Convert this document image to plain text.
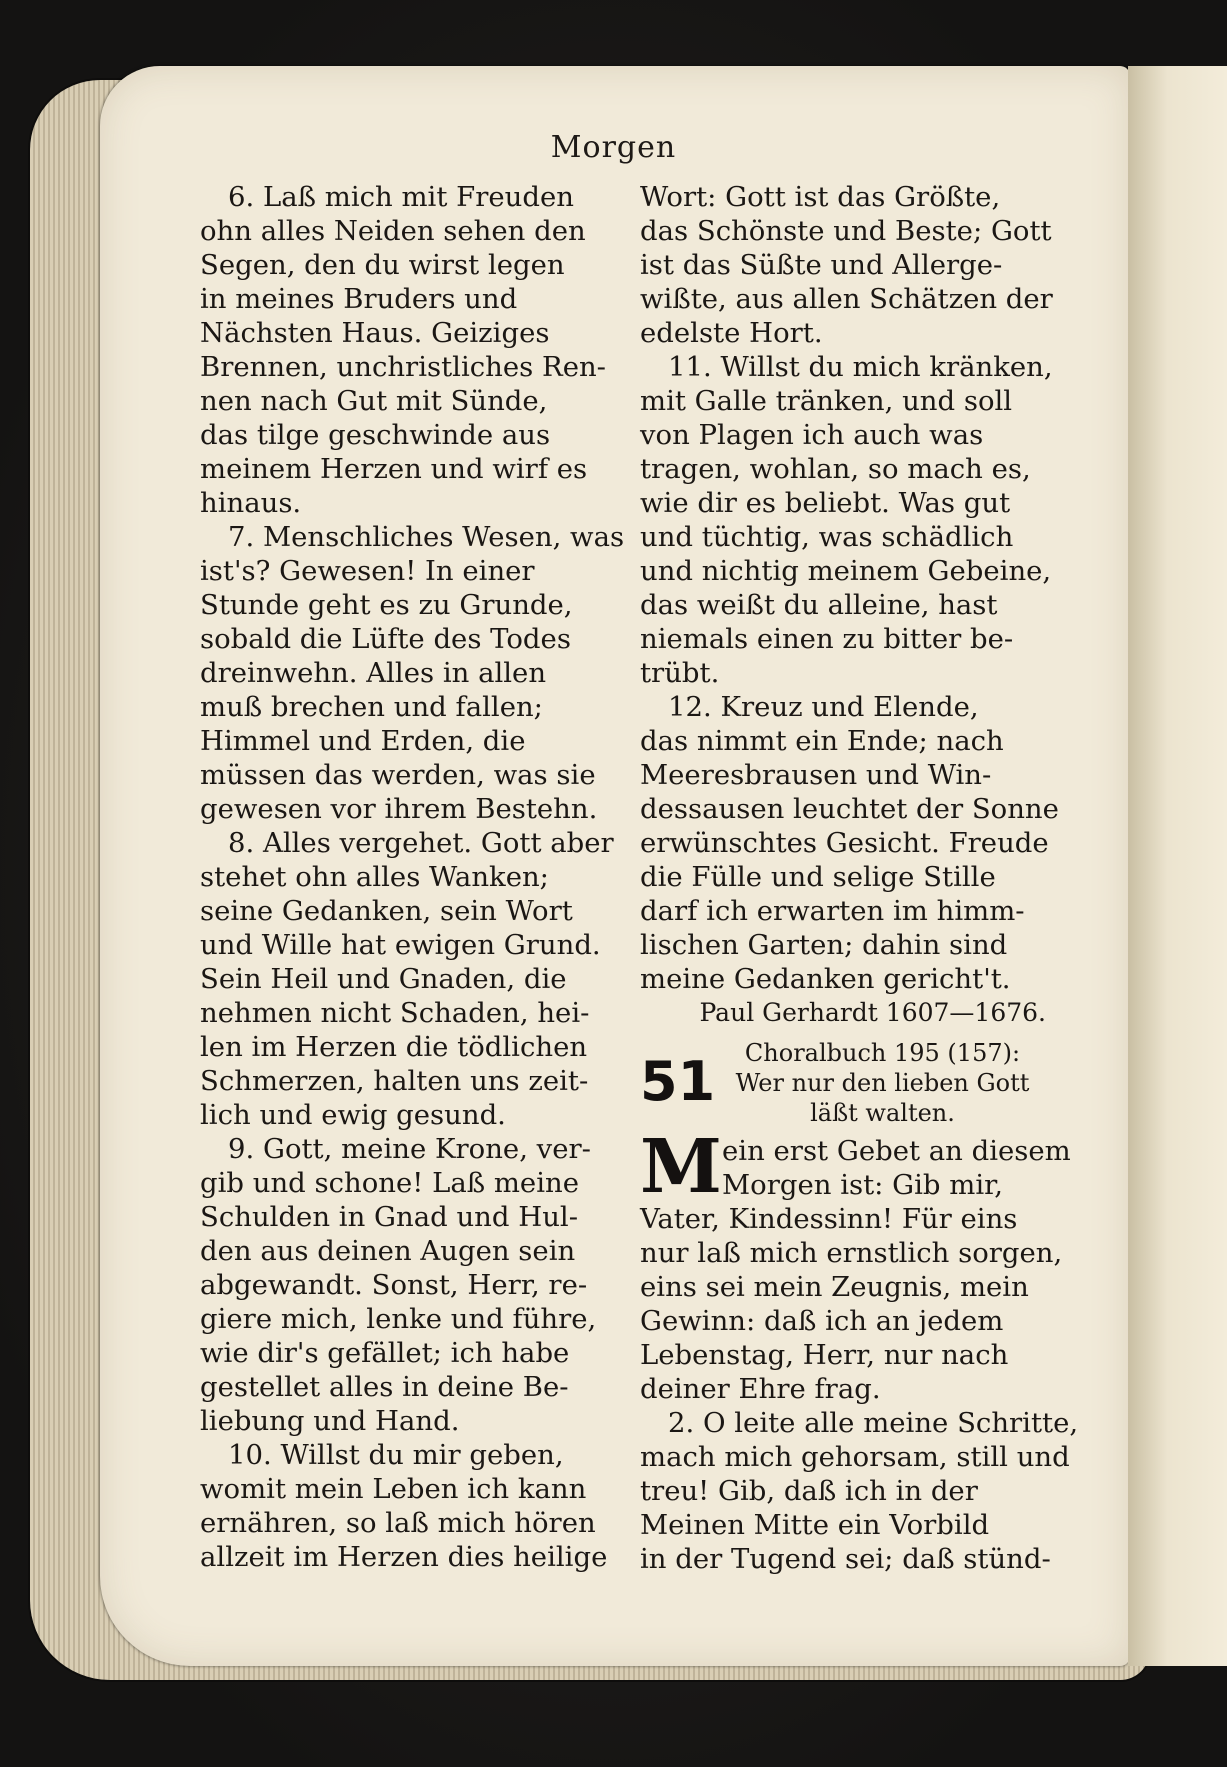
Morgen
6. Laß mich mit Freuden
ohn alles Neiden sehen den
Segen, den du wirst legen
in meines Bruders und
Nächsten Haus. Geiziges
Brennen, unchristliches Ren-
nen nach Gut mit Sünde,
das tilge geschwinde aus
meinem Herzen und wirf es
hinaus.
7. Menschliches Wesen, was
ist's? Gewesen! In einer
Stunde geht es zu Grunde,
sobald die Lüfte des Todes
dreinwehn. Alles in allen
muß brechen und fallen;
Himmel und Erden, die
müssen das werden, was sie
gewesen vor ihrem Bestehn.
8. Alles vergehet. Gott aber
stehet ohn alles Wanken;
seine Gedanken, sein Wort
und Wille hat ewigen Grund.
Sein Heil und Gnaden, die
nehmen nicht Schaden, hei-
len im Herzen die tödlichen
Schmerzen, halten uns zeit-
lich und ewig gesund.
9. Gott, meine Krone, ver-
gib und schone! Laß meine
Schulden in Gnad und Hul-
den aus deinen Augen sein
abgewandt. Sonst, Herr, re-
giere mich, lenke und führe,
wie dir's gefället; ich habe
gestellet alles in deine Be-
liebung und Hand.
10. Willst du mir geben,
womit mein Leben ich kann
ernähren, so laß mich hören
allzeit im Herzen dies heilige
Wort: Gott ist das Größte,
das Schönste und Beste; Gott
ist das Süßte und Allerge-
wißte, aus allen Schätzen der
edelste Hort.
11. Willst du mich kränken,
mit Galle tränken, und soll
von Plagen ich auch was
tragen, wohlan, so mach es,
wie dir es beliebt. Was gut
und tüchtig, was schädlich
und nichtig meinem Gebeine,
das weißt du alleine, hast
niemals einen zu bitter be-
trübt.
12. Kreuz und Elende,
das nimmt ein Ende; nach
Meeresbrausen und Win-
dessausen leuchtet der Sonne
erwünschtes Gesicht. Freude
die Fülle und selige Stille
darf ich erwarten im himm-
lischen Garten; dahin sind
meine Gedanken gericht't.
Paul Gerhardt 1607—1676.
51	Choralbuch 195 (157):
Wer nur den lieben Gott
läßt walten.
M ein erst Gebet an diesem
Morgen ist: Gib mir,
Vater, Kindessinn! Für eins
nur laß mich ernstlich sorgen,
eins sei mein Zeugnis, mein
Gewinn: daß ich an jedem
Lebenstag, Herr, nur nach
deiner Ehre frag.
2. O leite alle meine Schritte,
mach mich gehorsam, still und
treu! Gib, daß ich in der
Meinen Mitte ein Vorbild
in der Tugend sei; daß stünd-
